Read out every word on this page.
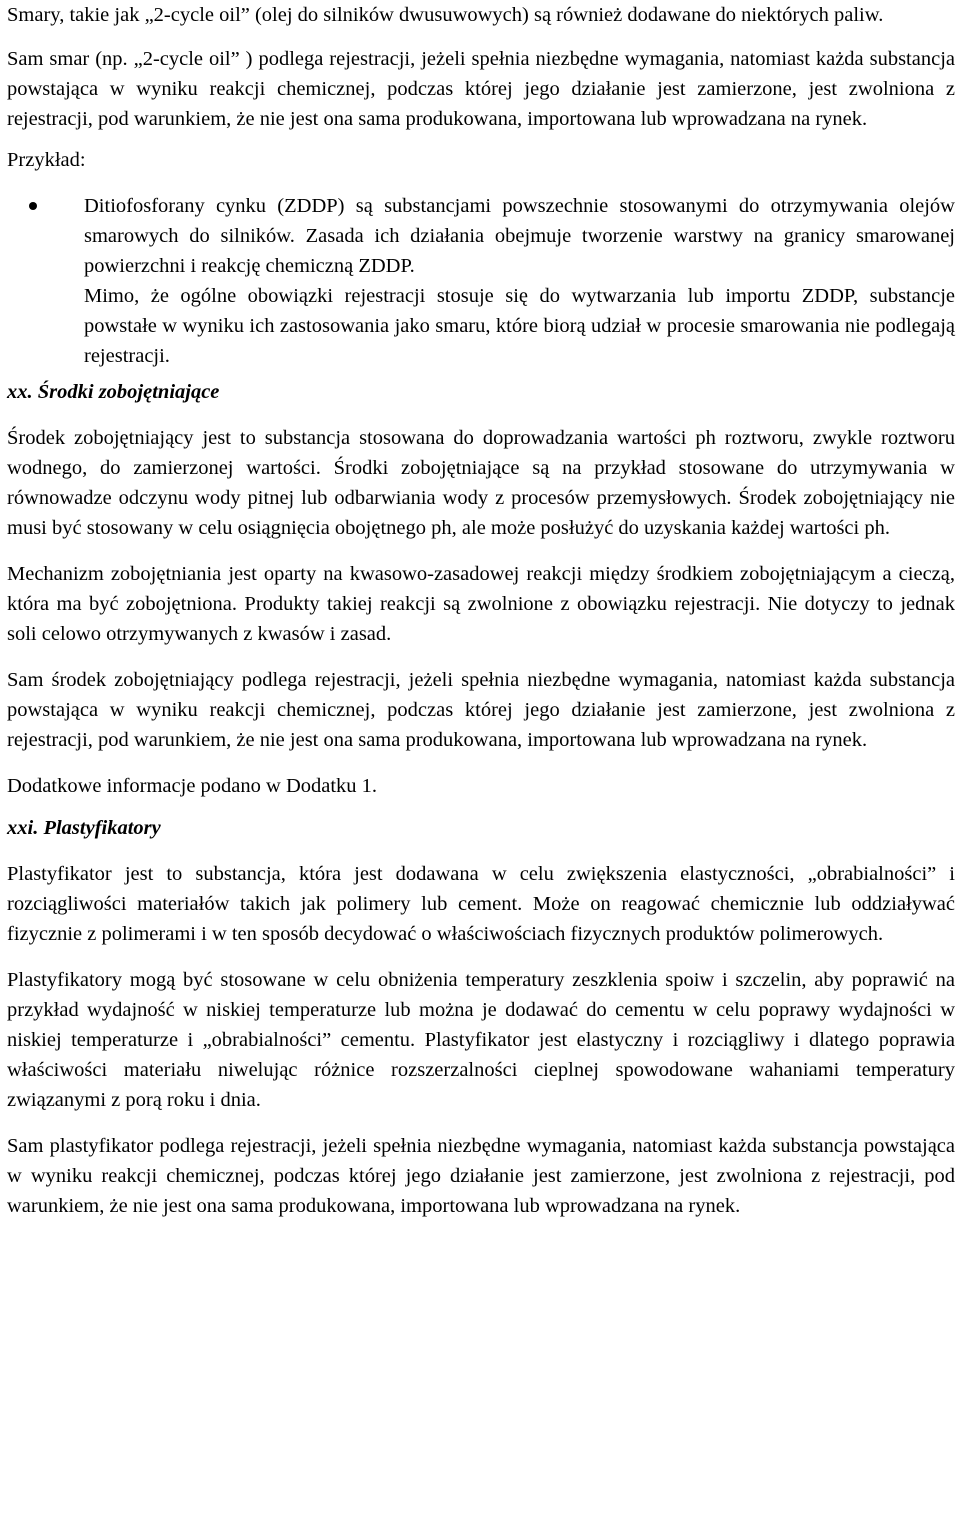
Smary, takie jak „2-cycle oil” (olej do silników dwusuwowych) są również dodawane do niektórych paliw.

Sam smar (np. „2-cycle oil” ) podlega rejestracji, jeżeli spełnia niezbędne wymagania, natomiast każda substancja powstająca w wyniku reakcji chemicznej, podczas której jego działanie jest zamierzone, jest zwolniona z rejestracji, pod warunkiem, że nie jest ona sama produkowana, importowana lub wprowadzana na rynek.

Przykład:

Ditiofosforany cynku (ZDDP) są substancjami powszechnie stosowanymi do otrzymywania olejów smarowych do silników. Zasada ich działania obejmuje tworzenie warstwy na granicy smarowanej powierzchni i reakcję chemiczną ZDDP.

Mimo, że ogólne obowiązki rejestracji stosuje się do wytwarzania lub importu ZDDP, substancje powstałe w wyniku ich zastosowania jako smaru, które biorą udział w procesie smarowania nie podlegają rejestracji.

xx. Środki zobojętniające

Środek zobojętniający jest to substancja stosowana do doprowadzania wartości ph roztworu, zwykle roztworu wodnego, do zamierzonej wartości. Środki zobojętniające są na przykład stosowane do utrzymywania w równowadze odczynu wody pitnej lub odbarwiania wody z procesów przemysłowych. Środek zobojętniający nie musi być stosowany w celu osiągnięcia obojętnego ph, ale może posłużyć do uzyskania każdej wartości ph.

Mechanizm zobojętniania jest oparty na kwasowo-zasadowej reakcji między środkiem zobojętniającym a cieczą, która ma być zobojętniona. Produkty takiej reakcji są zwolnione z obowiązku rejestracji. Nie dotyczy to jednak soli celowo otrzymywanych z kwasów i zasad.

Sam środek zobojętniający podlega rejestracji, jeżeli spełnia niezbędne wymagania, natomiast każda substancja powstająca w wyniku reakcji chemicznej, podczas której jego działanie jest zamierzone, jest zwolniona z rejestracji, pod warunkiem, że nie jest ona sama produkowana, importowana lub wprowadzana na rynek.

Dodatkowe informacje podano w Dodatku 1.

xxi. Plastyfikatory

Plastyfikator jest to substancja, która jest dodawana w celu zwiększenia elastyczności, „obrabialności” i rozciągliwości materiałów takich jak polimery lub cement. Może on reagować chemicznie lub oddziaływać fizycznie z polimerami i w ten sposób decydować o właściwościach fizycznych produktów polimerowych.

Plastyfikatory mogą być stosowane w celu obniżenia temperatury zeszklenia spoiw i szczelin, aby poprawić na przykład wydajność w niskiej temperaturze lub można je dodawać do cementu w celu poprawy wydajności w niskiej temperaturze i „obrabialności” cementu. Plastyfikator jest elastyczny i rozciągliwy i dlatego poprawia właściwości materiału niwelując różnice rozszerzalności cieplnej spowodowane wahaniami temperatury związanymi z porą roku i dnia.

Sam plastyfikator podlega rejestracji, jeżeli spełnia niezbędne wymagania, natomiast każda substancja powstająca w wyniku reakcji chemicznej, podczas której jego działanie jest zamierzone, jest zwolniona z rejestracji, pod warunkiem, że nie jest ona sama produkowana, importowana lub wprowadzana na rynek.
